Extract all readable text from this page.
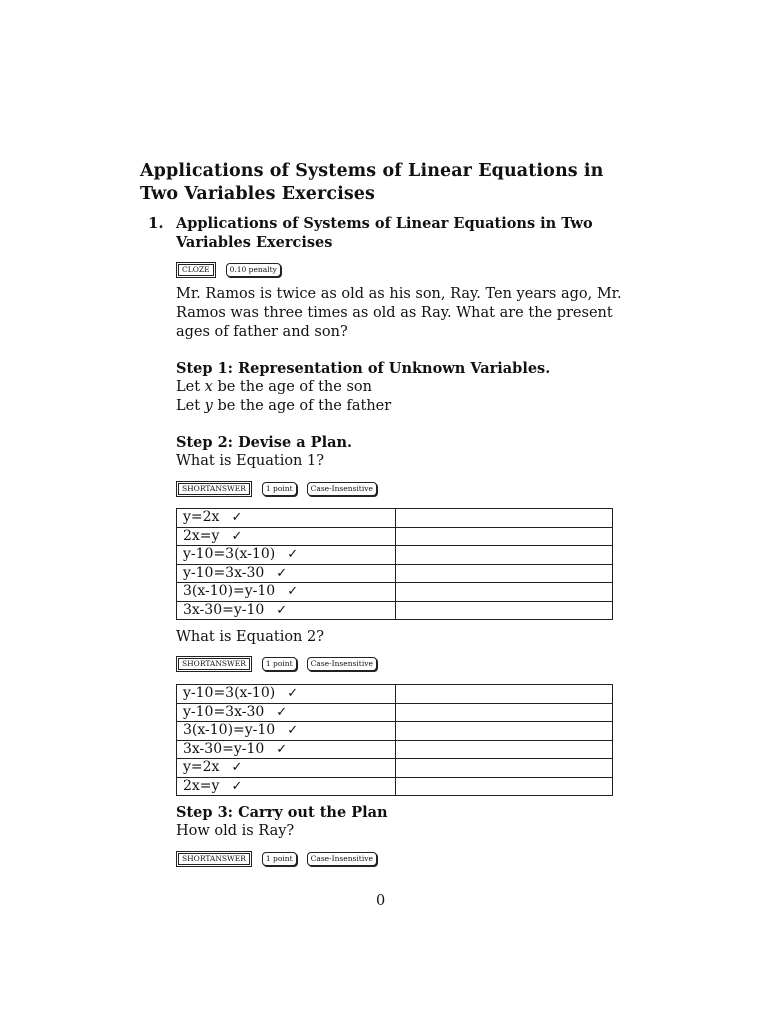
Applications of Systems of Linear Equations in Two Variables Exercises
1. Applications of Systems of Linear Equations in Two Variables Exercises
CLOZE	0.10 penalty
Mr. Ramos is twice as old as his son, Ray. Ten years ago, Mr. Ramos was three times as old as Ray. What are the present ages of father and son?
Step 1: Representation of Unknown Variables.
Let x be the age of the son
Let y be the age of the father
Step 2: Devise a Plan.
What is Equation 1?
SHORTANSWER	1 point	Case-Insensitive
y=2x ✓	
2x=y ✓	
y-10=3(x-10) ✓	
y-10=3x-30 ✓	
3(x-10)=y-10 ✓	
3x-30=y-10 ✓	
What is Equation 2?
SHORTANSWER	1 point	Case-Insensitive
y-10=3(x-10) ✓	
y-10=3x-30 ✓	
3(x-10)=y-10 ✓	
3x-30=y-10 ✓	
y=2x ✓	
2x=y ✓	
Step 3: Carry out the Plan
How old is Ray?
SHORTANSWER	1 point	Case-Insensitive
0
